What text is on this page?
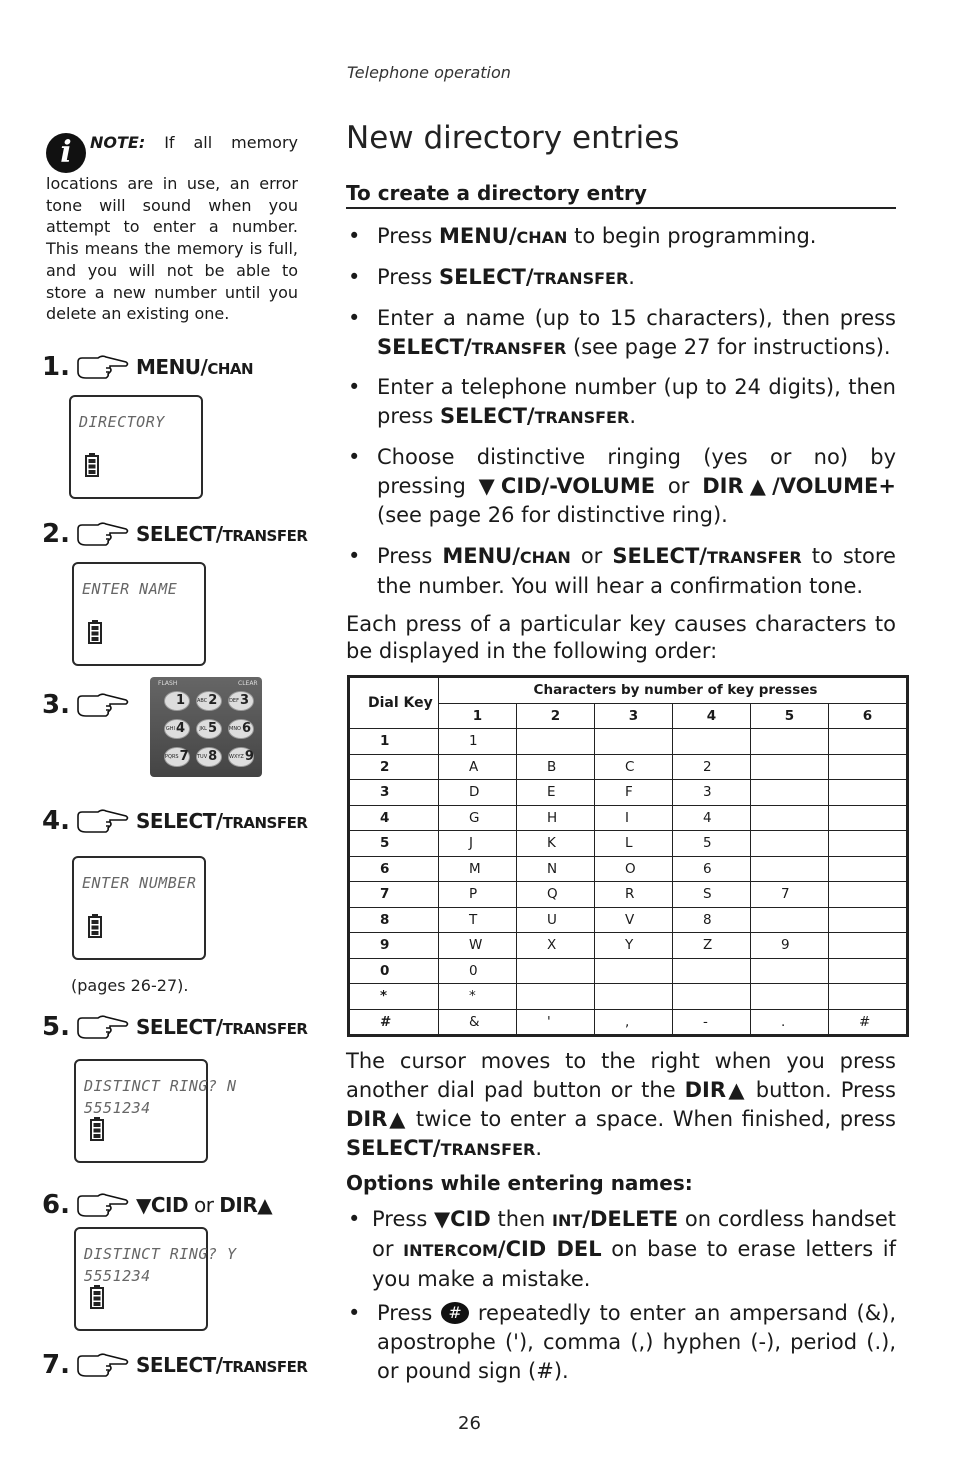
Telephone operation
26
i NOTE: If all memory locations are in use, an error tone will sound when you attempt to enter a number. This means the memory is full, and you will not be able to store a new number until you delete an existing one.
1.	MENU/CHAN
DIRECTORY
2.	SELECT/TRANSFER
ENTER NAME
3.
FLASH	CLEAR
1	ABC2	DEF3
GHI4	JKL5	MNO6
PQRS7 TUV8	WXYZ9
4.	SELECT/TRANSFER
ENTER NUMBER
(pages 26-27).
5.	SELECT/TRANSFER
DISTINCT RING? N
5551234
6.	▼CID or DIR▲
DISTINCT RING? Y
5551234
7.	SELECT/TRANSFER
New directory entries
To create a directory entry
• Press MENU/CHAN to begin programming.
• Press SELECT/TRANSFER.
• Enter a name (up to 15 characters), then press SELECT/TRANSFER (see page 27 for instructions).
• Enter a telephone number (up to 24 digits), then press SELECT/TRANSFER.
• Choose distinctive ringing (yes or no) by pressing ▼CID/-VOLUME or DIR▲/VOLUME+ (see page 26 for distinctive ring).
• Press MENU/CHAN or SELECT/TRANSFER to store the number. You will hear a confirmation tone.
Each press of a particular key causes characters to be displayed in the following order:
Dial Key	Characters by number of key presses					
	1	2	3	4	5	6
1	1					
2	A	B	C	2		
3	D	E	F	3		
4	G	H	I	4		
5	J	K	L	5		
6	M	N	O	6		
7	P	Q	R	S	7	
8	T	U	V	8		
9	W	X	Y	Z	9	
0	0					
*	*					
#	&	'	,	-	.	#
The cursor moves to the right when you press another dial pad button or the DIR▲ button. Press DIR▲ twice to enter a space. When finished, press SELECT/TRANSFER.
Options while entering names:
• Press ▼CID then INT/DELETE on cordless handset or INTERCOM/CID DEL on base to erase letters if you make a mistake.
• Press # repeatedly to enter an ampersand (&), apostrophe ('), comma (,) hyphen (-), period (.), or pound sign (#).
